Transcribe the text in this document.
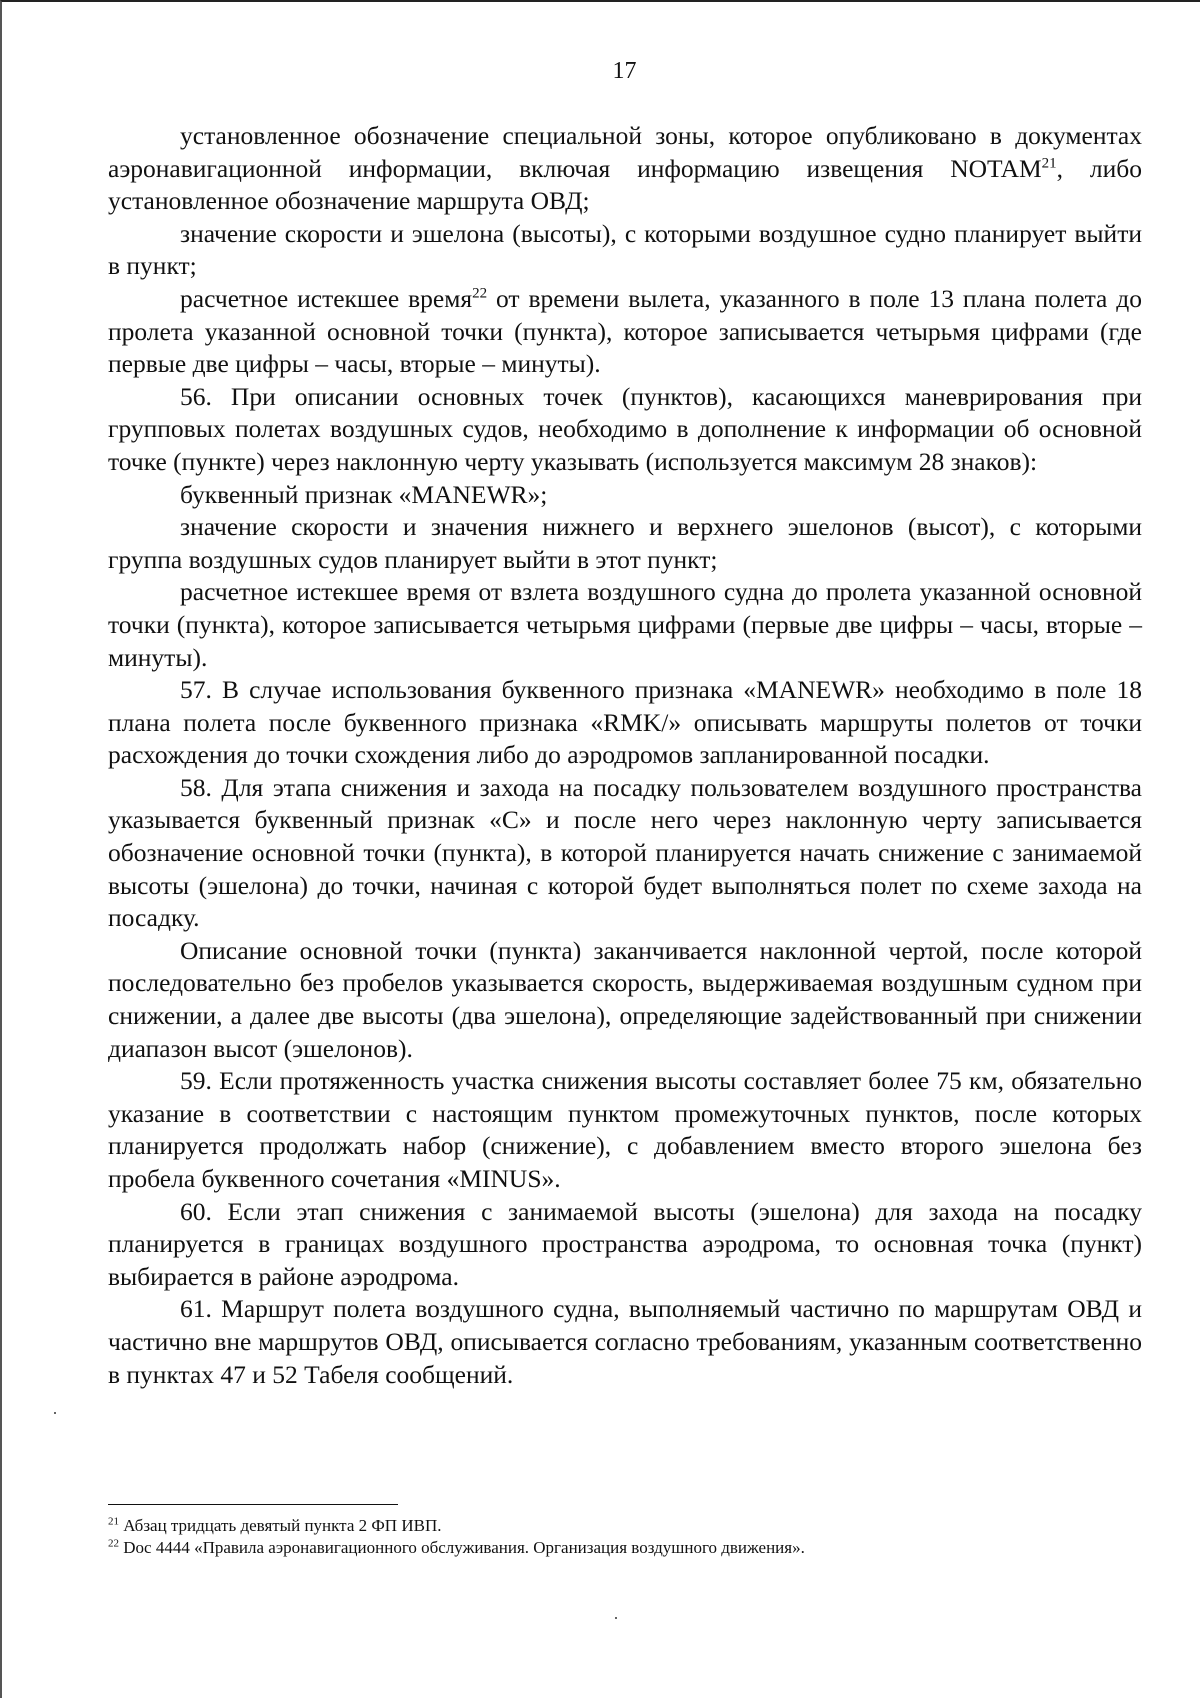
17

установленное обозначение специальной зоны, которое опубликовано в документах аэронавигационной информации, включая информацию извещения NOTAM$^{21}$, либо установленное обозначение маршрута ОВД;

значение скорости и эшелона (высоты), с которыми воздушное судно планирует выйти в пункт;

расчетное истекшее время$^{22}$ от времени вылета, указанного в поле 13 плана полета до пролета указанной основной точки (пункта), которое записывается четырьмя цифрами (где первые две цифры – часы, вторые – минуты).

56. При описании основных точек (пунктов), касающихся маневрирования при групповых полетах воздушных судов, необходимо в дополнение к информации об основной точке (пункте) через наклонную черту указывать (используется максимум 28 знаков):

буквенный признак «MANEWR»;

значение скорости и значения нижнего и верхнего эшелонов (высот), с которыми группа воздушных судов планирует выйти в этот пункт;

расчетное истекшее время от взлета воздушного судна до пролета указанной основной точки (пункта), которое записывается четырьмя цифрами (первые две цифры – часы, вторые – минуты).

57. В случае использования буквенного признака «MANEWR» необходимо в поле 18 плана полета после буквенного признака «RMK/» описывать маршруты полетов от точки расхождения до точки схождения либо до аэродромов запланированной посадки.

58. Для этапа снижения и захода на посадку пользователем воздушного пространства указывается буквенный признак «С» и после него через наклонную черту записывается обозначение основной точки (пункта), в которой планируется начать снижение с занимаемой высоты (эшелона) до точки, начиная с которой будет выполняться полет по схеме захода на посадку.

Описание основной точки (пункта) заканчивается наклонной чертой, после которой последовательно без пробелов указывается скорость, выдерживаемая воздушным судном при снижении, а далее две высоты (два эшелона), определяющие задействованный при снижении диапазон высот (эшелонов).

59. Если протяженность участка снижения высоты составляет более 75 км, обязательно указание в соответствии с настоящим пунктом промежуточных пунктов, после которых планируется продолжать набор (снижение), с добавлением вместо второго эшелона без пробела буквенного сочетания «MINUS».

60. Если этап снижения с занимаемой высоты (эшелона) для захода на посадку планируется в границах воздушного пространства аэродрома, то основная точка (пункт) выбирается в районе аэродрома.

61. Маршрут полета воздушного судна, выполняемый частично по маршрутам ОВД и частично вне маршрутов ОВД, описывается согласно требованиям, указанным соответственно в пунктах 47 и 52 Табеля сообщений.

$^{21}$ Абзац тридцать девятый пункта 2 ФП ИВП.

$^{22}$ Doc 4444 «Правила аэронавигационного обслуживания. Организация воздушного движения».
